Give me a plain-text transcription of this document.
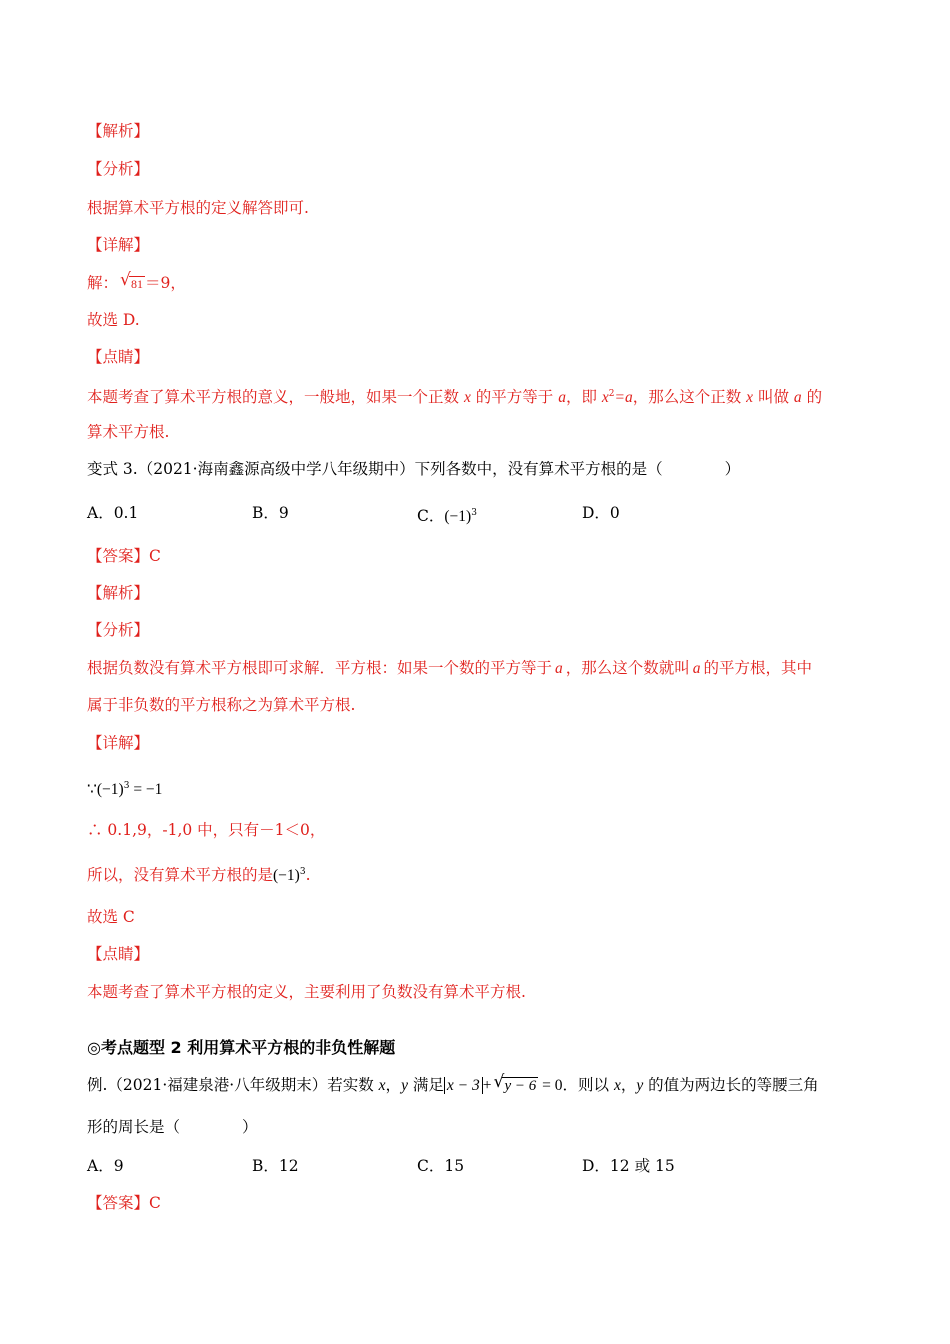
【解析】
【分析】
根据算术平方根的定义解答即可.
【详解】
解： √ 81 ＝9，
故选 D.
【点睛】
本题考查了算术平方根的意义，一般地，如果一个正数 x 的平方等于 a，即 $x^2=a$，那么这个正数 x 叫做 a 的
算术平方根.
变式 3.（2021·海南鑫源高级中学八年级期中）下列各数中，没有算术平方根的是（　　　　）
A．0.1	B．9	C．$(-1)^3$	D．0
【答案】C
【解析】
【分析】
根据负数没有算术平方根即可求解．平方根：如果一个数的平方等于 a ，那么这个数就叫 a 的平方根，其中
属于非负数的平方根称之为算术平方根.
【详解】
$\because(-1)^3 = -1$
∴ 0.1,9，-1,0 中，只有－1＜0，
所以，没有算术平方根的是$(-1)^3$.
故选 C
【点睛】
本题考查了算术平方根的定义，主要利用了负数没有算术平方根.
◎考点题型 2 利用算术平方根的非负性解题
例.（2021·福建泉港·八年级期末）若实数 x，y 满足 x − 3 + √ y − 6 = 0．则以 x，y 的值为两边长的等腰三角
形的周长是（　　　　）
A．9	B．12	C．15	D．12 或 15
【答案】C
